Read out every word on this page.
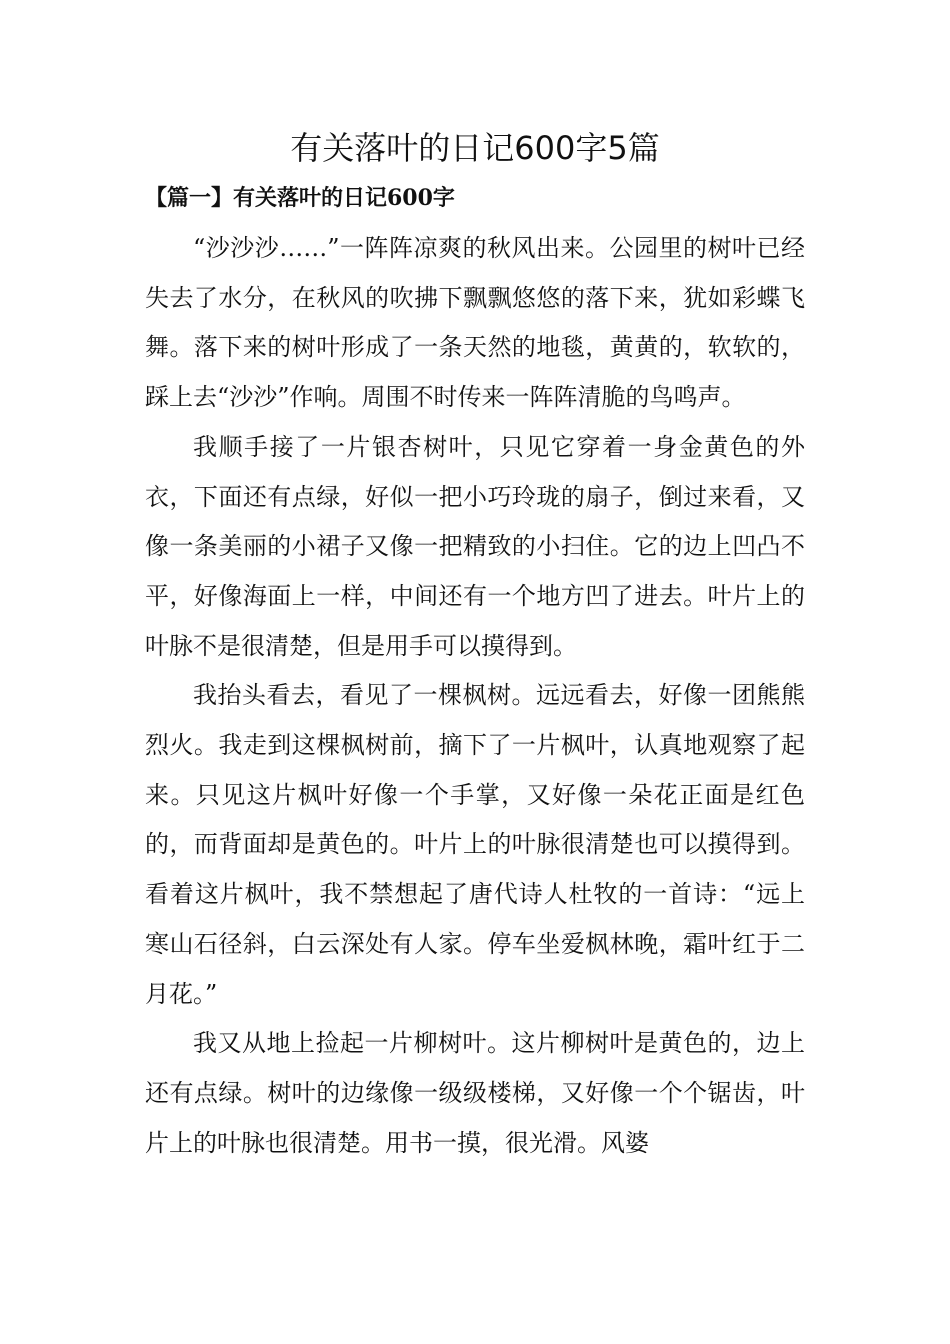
有关落叶的日记600字5篇
【篇一】有关落叶的日记600字

“沙沙沙……”一阵阵凉爽的秋风出来。公园里的树叶已经失去了水分，在秋风的吹拂下飘飘悠悠的落下来，犹如彩蝶飞舞。落下来的树叶形成了一条天然的地毯，黄黄的，软软的，踩上去“沙沙”作响。周围不时传来一阵阵清脆的鸟鸣声。

我顺手接了一片银杏树叶，只见它穿着一身金黄色的外衣，下面还有点绿，好似一把小巧玲珑的扇子，倒过来看，又像一条美丽的小裙子又像一把精致的小扫住。它的边上凹凸不平，好像海面上一样，中间还有一个地方凹了进去。叶片上的叶脉不是很清楚，但是用手可以摸得到。

我抬头看去，看见了一棵枫树。远远看去，好像一团熊熊烈火。我走到这棵枫树前，摘下了一片枫叶，认真地观察了起来。只见这片枫叶好像一个手掌，又好像一朵花正面是红色的，而背面却是黄色的。叶片上的叶脉很清楚也可以摸得到。看着这片枫叶，我不禁想起了唐代诗人杜牧的一首诗：“远上寒山石径斜，白云深处有人家。停车坐爱枫林晚，霜叶红于二月花。”

我又从地上捡起一片柳树叶。这片柳树叶是黄色的，边上还有点绿。树叶的边缘像一级级楼梯，又好像一个个锯齿，叶片上的叶脉也很清楚。用书一摸，很光滑。风婆
